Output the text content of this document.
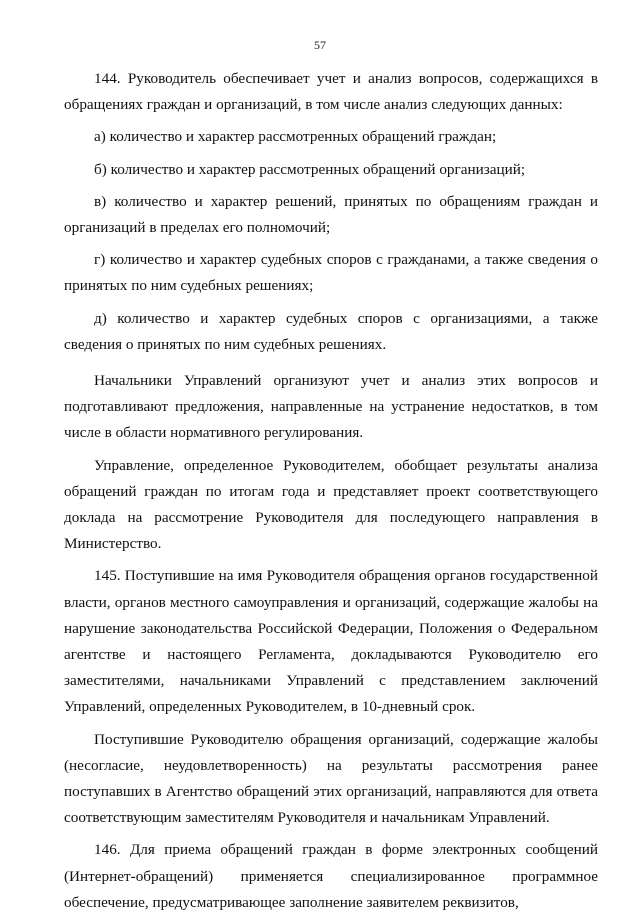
57

144. Руководитель обеспечивает учет и анализ вопросов, содержащихся в обращениях граждан и организаций, в том числе анализ следующих данных:

а) количество и характер рассмотренных обращений граждан;

б) количество и характер рассмотренных обращений организаций;

в) количество и характер решений, принятых по обращениям граждан и организаций в пределах его полномочий;

г) количество и характер судебных споров с гражданами, а также сведения о принятых по ним судебных решениях;

д) количество и характер судебных споров с организациями, а также сведения о принятых по ним судебных решениях.

Начальники Управлений организуют учет и анализ этих вопросов и подготавливают предложения, направленные на устранение недостатков, в том числе в области нормативного регулирования.

Управление, определенное Руководителем, обобщает результаты анализа обращений граждан по итогам года и представляет проект соответствующего доклада на рассмотрение Руководителя для последующего направления в Министерство.

145. Поступившие на имя Руководителя обращения органов государственной власти, органов местного самоуправления и организаций, содержащие жалобы на нарушение законодательства Российской Федерации, Положения о Федеральном агентстве и настоящего Регламента, докладываются Руководителю его заместителями, начальниками Управлений с представлением заключений Управлений, определенных Руководителем, в 10-дневный срок.

Поступившие Руководителю обращения организаций, содержащие жалобы (несогласие, неудовлетворенность) на результаты рассмотрения ранее поступавших в Агентство обращений этих организаций, направляются для ответа соответствующим заместителям Руководителя и начальникам Управлений.

146. Для приема обращений граждан в форме электронных сообщений (Интернет-обращений) применяется специализированное программное обеспечение, предусматривающее заполнение заявителем реквизитов,
